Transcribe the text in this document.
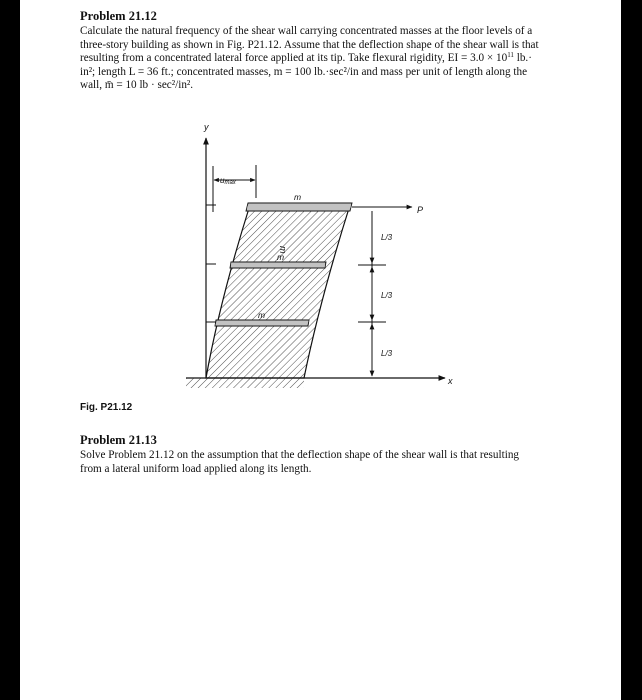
Problem 21.12
Calculate the natural frequency of the shear wall carrying concentrated masses at the floor levels of a
three-story building as shown in Fig. P21.12. Assume that the deflection shape of the shear wall is that
resulting from a concentrated lateral force applied at its tip. Take flexural rigidity, EI = $3.0 \times 10^{11}$ lb.·
in²; length L = 36 ft.; concentrated masses, m = 100 lb.·sec²/in and mass per unit of length along the
wall, m̄ = 10 lb · sec²/in².
y
umax
m
m
m
m
P
L/3
L/3
L/3
x
Fig. P21.12
Problem 21.13
Solve Problem 21.12 on the assumption that the deflection shape of the shear wall is that resulting
from a lateral uniform load applied along its length.
